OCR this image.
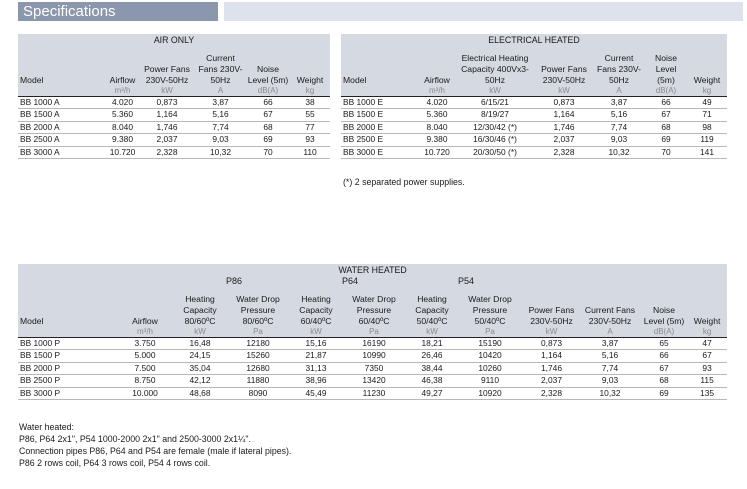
Specifications
AIR ONLY					
Model	Airflow	Power Fans 230V-50Hz	Current Fans 230V-50Hz	Noise Level (5m)	Weight
	m³/h	kW	A	dB(A)	kg
BB 1000 A	4.020	0,873	3,87	66	38
BB 1500 A	5.360	1,164	5,16	67	55
BB 2000 A	8.040	1,746	7,74	68	77
BB 2500 A	9.380	2,037	9,03	69	93
BB 3000 A	10.720	2,328	10,32	70	110
ELECTRICAL HEATED						
Model	Airflow	Electrical Heating Capacity 400Vx3-50Hz	Power Fans 230V-50Hz	Current Fans 230V-50Hz	Noise Level (5m)	Weight
	m³/h	kW	kW	A	dB(A)	kg
BB 1000 E	4.020	6/15/21	0,873	3,87	66	49
BB 1500 E	5.360	8/19/27	1,164	5,16	67	71
BB 2000 E	8.040	12/30/42 (*)	1,746	7,74	68	98
BB 2500 E	9.380	16/30/46 (*)	2,037	9,03	69	119
BB 3000 E	10.720	20/30/50 (*)	2,328	10,32	70	141
(*) 2 separated power supplies.
WATER HEATED											
		P86		P64		P54					
Model	Airflow	Heating Capacity 80/60ºC	Water Drop Pressure 80/60ºC	Heating Capacity 60/40ºC	Water Drop Pressure 60/40ºC	Heating Capacity 50/40ºC	Water Drop Pressure 50/40ºC	Power Fans 230V-50Hz	Current Fans 230V-50Hz	Noise Level (5m)	Weight
	m³/h	kW	Pa	kW	Pa	kW	Pa	kW	A	dB(A)	kg
BB 1000 P	3.750	16,48	12180	15,16	16190	18,21	15190	0,873	3,87	65	47
BB 1500 P	5.000	24,15	15260	21,87	10990	26,46	10420	1,164	5,16	66	67
BB 2000 P	7.500	35,04	12680	31,13	7350	38,44	10260	1,746	7,74	67	93
BB 2500 P	8.750	42,12	11880	38,96	13420	46,38	9110	2,037	9,03	68	115
BB 3000 P	10.000	48,68	8090	45,49	11230	49,27	10920	2,328	10,32	69	135
Water heated:
P86, P64 2x1", P54 1000-2000 2x1" and 2500-3000 2x1¼".
Connection pipes P86, P64 and P54 are female (male if lateral pipes).
P86 2 rows coil, P64 3 rows coil, P54 4 rows coil.
